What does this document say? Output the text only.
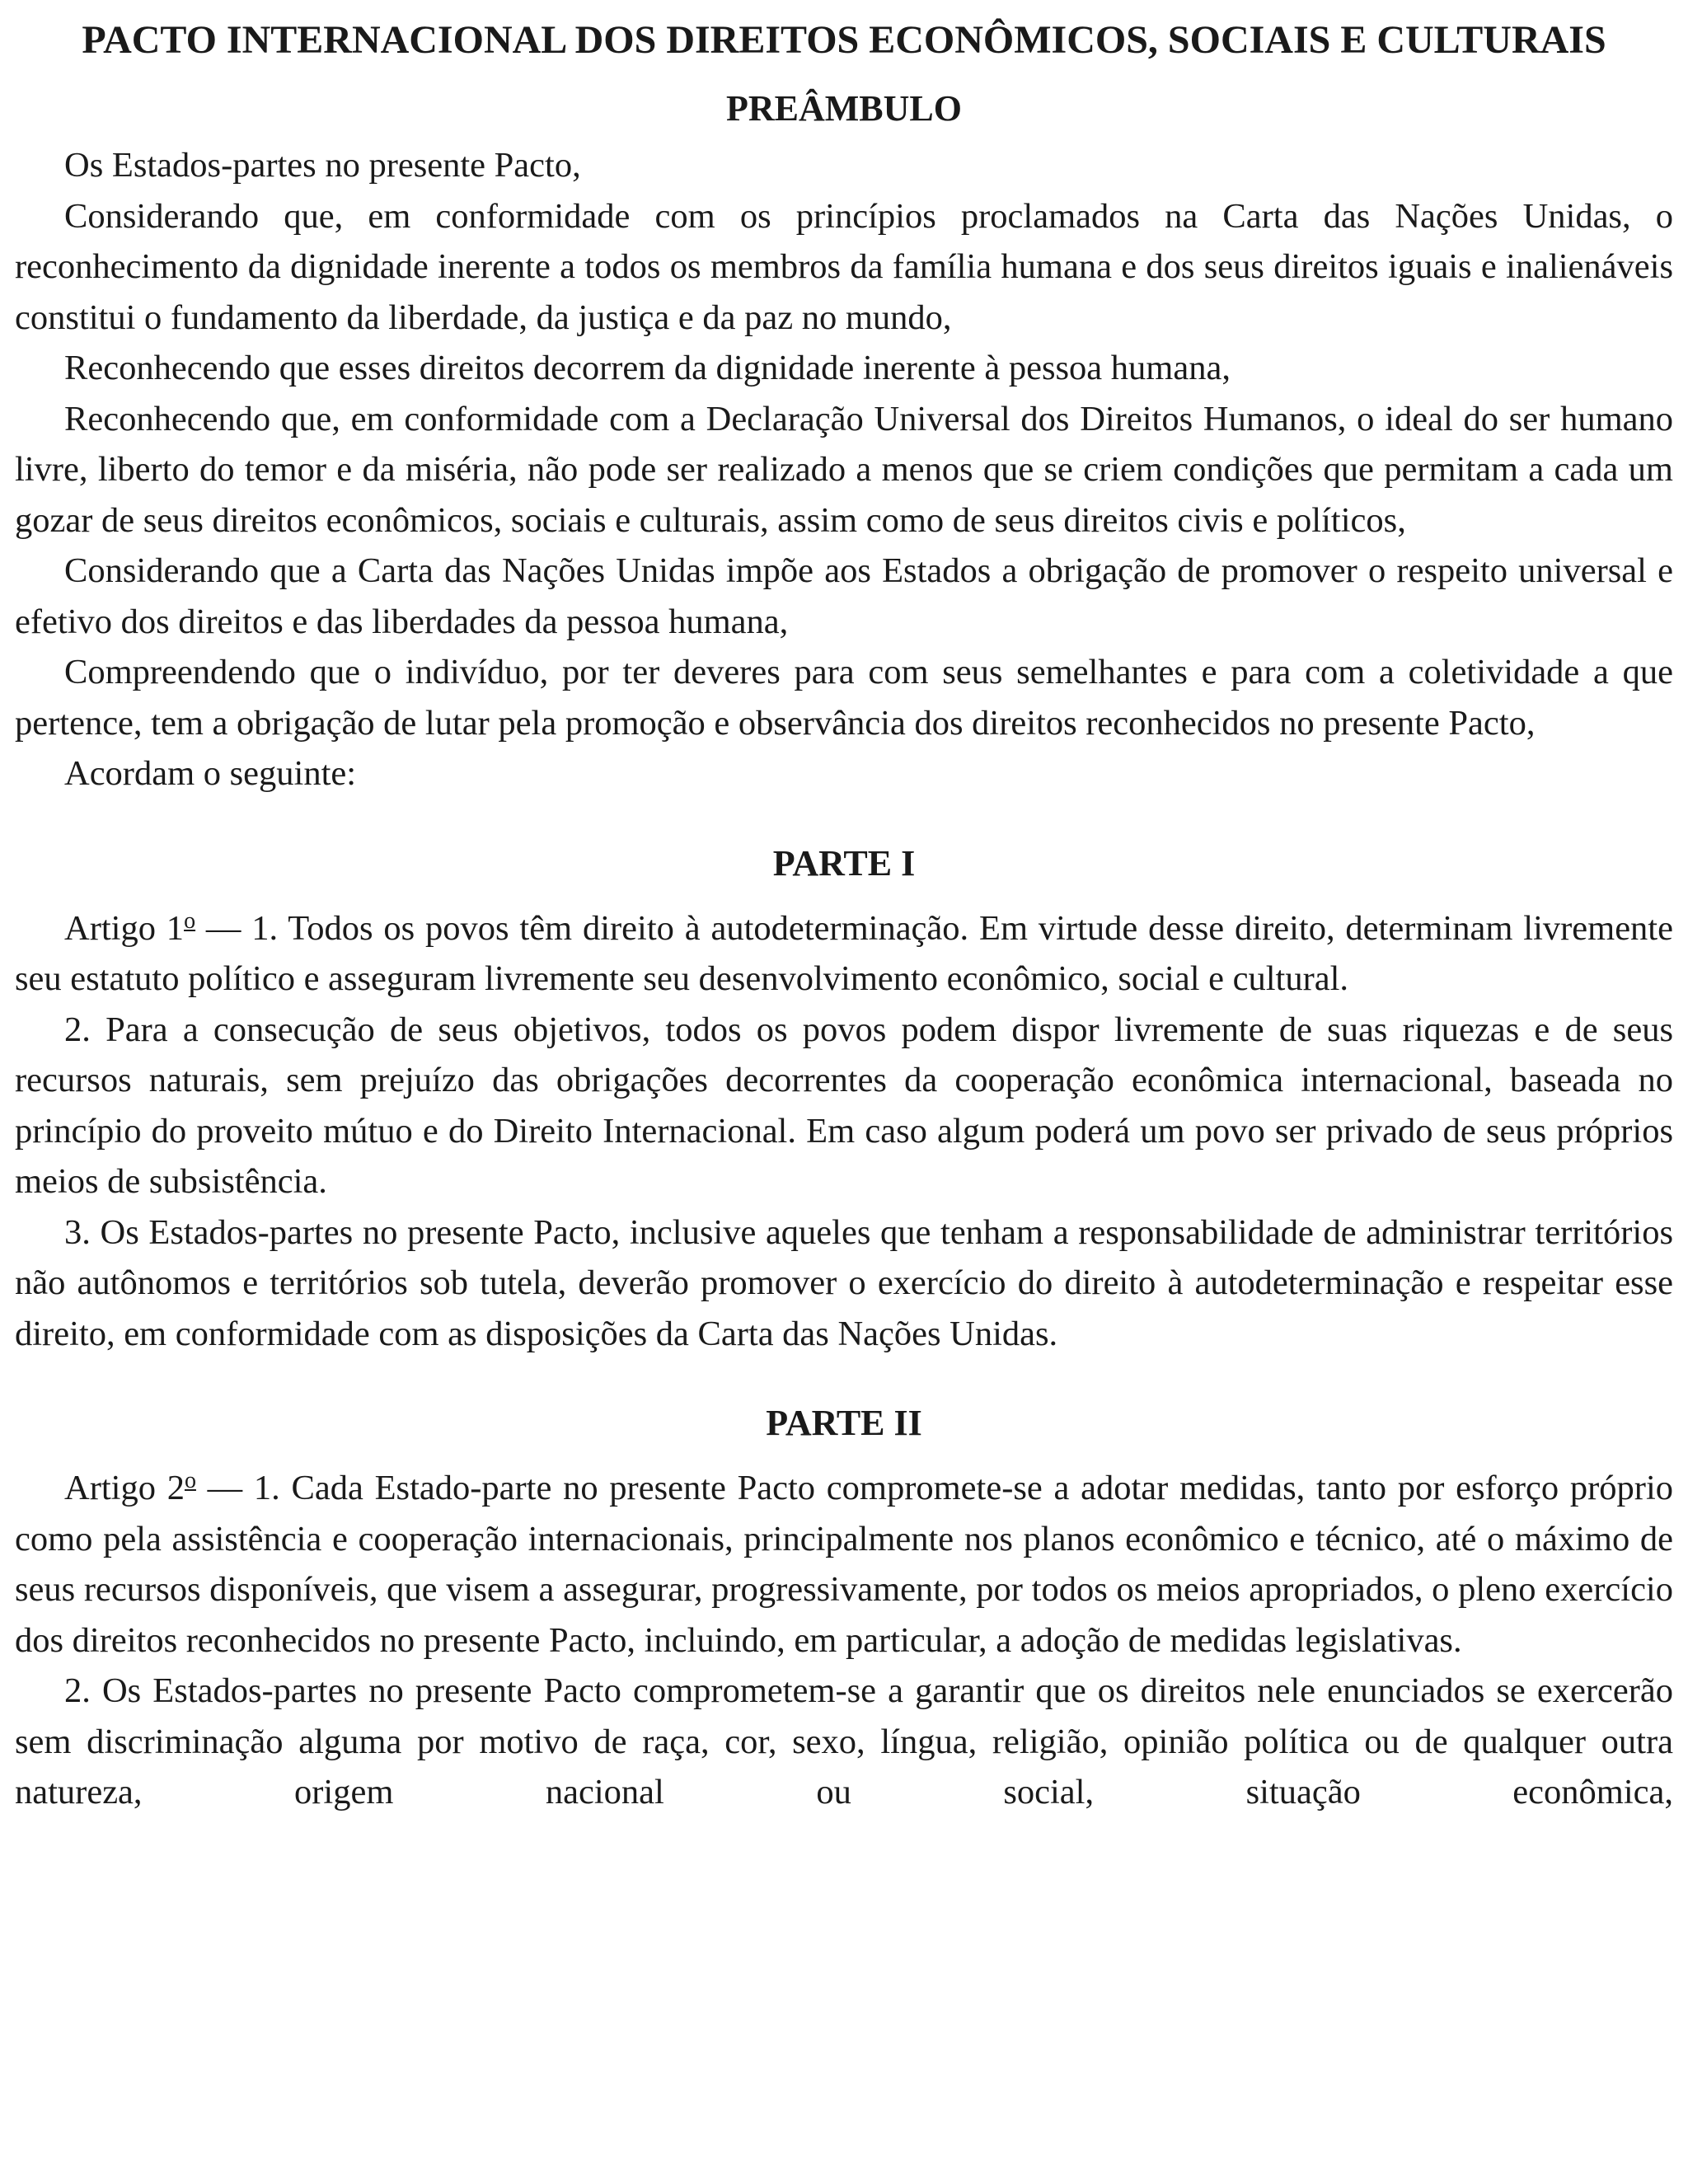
PACTO INTERNACIONAL DOS DIREITOS ECONÔMICOS, SOCIAIS E CULTURAIS
PREÂMBULO

Os Estados-partes no presente Pacto,

Considerando que, em conformidade com os princípios proclamados na Carta das Nações Unidas, o reconhecimento da dignidade inerente a todos os membros da família humana e dos seus direitos iguais e inalienáveis constitui o fundamento da liberdade, da justiça e da paz no mundo,

Reconhecendo que esses direitos decorrem da dignidade inerente à pessoa humana,

Reconhecendo que, em conformidade com a Declaração Universal dos Direitos Humanos, o ideal do ser humano livre, liberto do temor e da miséria, não pode ser realizado a menos que se criem condições que permitam a cada um gozar de seus direitos econômicos, sociais e culturais, assim como de seus direitos civis e políticos,

Considerando que a Carta das Nações Unidas impõe aos Estados a obrigação de promover o respeito universal e efetivo dos direitos e das liberdades da pessoa humana,

Compreendendo que o indivíduo, por ter deveres para com seus semelhantes e para com a coletividade a que pertence, tem a obrigação de lutar pela promoção e observância dos direitos reconhecidos no presente Pacto,

Acordam o seguinte:

PARTE I

Artigo 1$^o$ — 1. Todos os povos têm direito à autodeterminação. Em virtude desse direito, determinam livremente seu estatuto político e asseguram livremente seu desenvolvimento econômico, social e cultural.

2. Para a consecução de seus objetivos, todos os povos podem dispor livremente de suas riquezas e de seus recursos naturais, sem prejuízo das obrigações decorrentes da cooperação econômica internacional, baseada no princípio do proveito mútuo e do Direito Internacional. Em caso algum poderá um povo ser privado de seus próprios meios de subsistência.

3. Os Estados-partes no presente Pacto, inclusive aqueles que tenham a responsabilidade de administrar territórios não autônomos e territórios sob tutela, deverão promover o exercício do direito à autodeterminação e respeitar esse direito, em conformidade com as disposições da Carta das Nações Unidas.

PARTE II

Artigo 2$^o$ — 1. Cada Estado-parte no presente Pacto compromete-se a adotar medidas, tanto por esforço próprio como pela assistência e cooperação internacionais, principalmente nos planos econômico e técnico, até o máximo de seus recursos disponíveis, que visem a assegurar, progressivamente, por todos os meios apropriados, o pleno exercício dos direitos reconhecidos no presente Pacto, incluindo, em particular, a adoção de medidas legislativas.

2. Os Estados-partes no presente Pacto comprometem-se a garantir que os direitos nele enunciados se exercerão sem discriminação alguma por motivo de raça, cor, sexo, língua, religião, opinião política ou de qualquer outra natureza, origem nacional ou social, situação econômica,
